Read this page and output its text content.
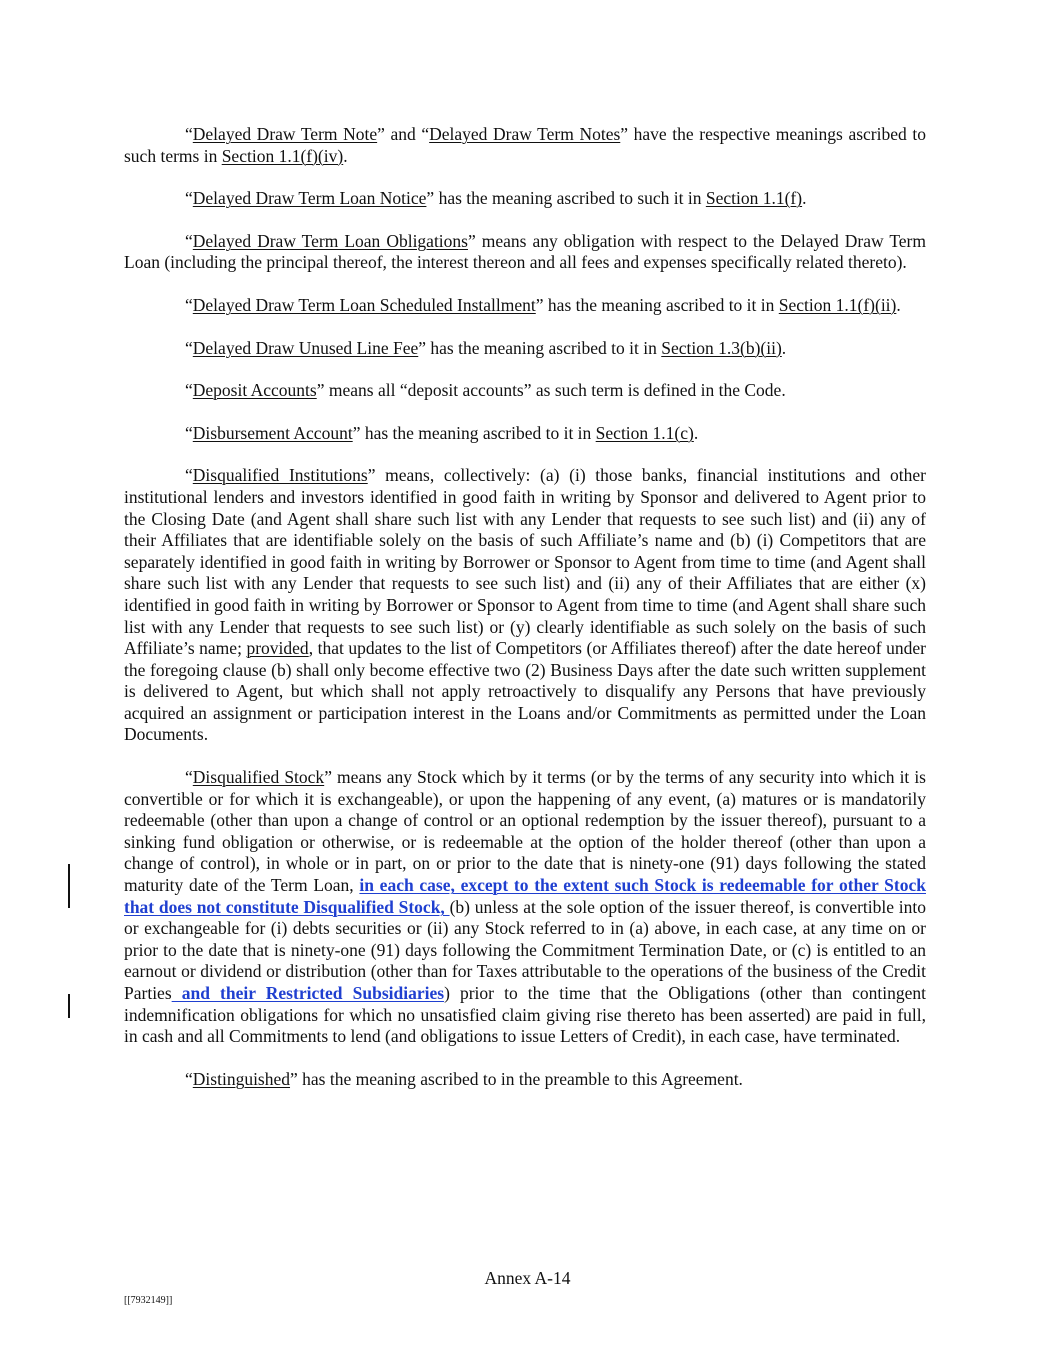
“Delayed Draw Term Note” and “Delayed Draw Term Notes” have the respective meanings ascribed to such terms in Section 1.1(f)(iv).

“Delayed Draw Term Loan Notice” has the meaning ascribed to such it in Section 1.1(f).

“Delayed Draw Term Loan Obligations” means any obligation with respect to the Delayed Draw Term Loan (including the principal thereof, the interest thereon and all fees and expenses specifically related thereto).

“Delayed Draw Term Loan Scheduled Installment” has the meaning ascribed to it in Section 1.1(f)(ii).

“Delayed Draw Unused Line Fee” has the meaning ascribed to it in Section 1.3(b)(ii).

“Deposit Accounts” means all “deposit accounts” as such term is defined in the Code.

“Disbursement Account” has the meaning ascribed to it in Section 1.1(c).

“Disqualified Institutions” means, collectively: (a) (i) those banks, financial institutions and other institutional lenders and investors identified in good faith in writing by Sponsor and delivered to Agent prior to the Closing Date (and Agent shall share such list with any Lender that requests to see such list) and (ii) any of their Affiliates that are identifiable solely on the basis of such Affiliate’s name and (b) (i) Competitors that are separately identified in good faith in writing by Borrower or Sponsor to Agent from time to time (and Agent shall share such list with any Lender that requests to see such list) and (ii) any of their Affiliates that are either (x) identified in good faith in writing by Borrower or Sponsor to Agent from time to time (and Agent shall share such list with any Lender that requests to see such list) or (y) clearly identifiable as such solely on the basis of such Affiliate’s name; provided, that updates to the list of Competitors (or Affiliates thereof) after the date hereof under the foregoing clause (b) shall only become effective two (2) Business Days after the date such written supplement is delivered to Agent, but which shall not apply retroactively to disqualify any Persons that have previously acquired an assignment or participation interest in the Loans and/or Commitments as permitted under the Loan Documents.

“Disqualified Stock” means any Stock which by it terms (or by the terms of any security into which it is convertible or for which it is exchangeable), or upon the happening of any event, (a) matures or is mandatorily redeemable (other than upon a change of control or an optional redemption by the issuer thereof), pursuant to a sinking fund obligation or otherwise, or is redeemable at the option of the holder thereof (other than upon a change of control), in whole or in part, on or prior to the date that is ninety-one (91) days following the stated maturity date of the Term Loan, in each case, except to the extent such Stock is redeemable for other Stock that does not constitute Disqualified Stock, (b) unless at the sole option of the issuer thereof, is convertible into or exchangeable for (i) debts securities or (ii) any Stock referred to in (a) above, in each case, at any time on or prior to the date that is ninety-one (91) days following the Commitment Termination Date, or (c) is entitled to an earnout or dividend or distribution (other than for Taxes attributable to the operations of the business of the Credit Parties and their Restricted Subsidiaries) prior to the time that the Obligations (other than contingent indemnification obligations for which no unsatisfied claim giving rise thereto has been asserted) are paid in full, in cash and all Commitments to lend (and obligations to issue Letters of Credit), in each case, have terminated.

“Distinguished” has the meaning ascribed to in the preamble to this Agreement.

Annex A-14
[[7932149]]
